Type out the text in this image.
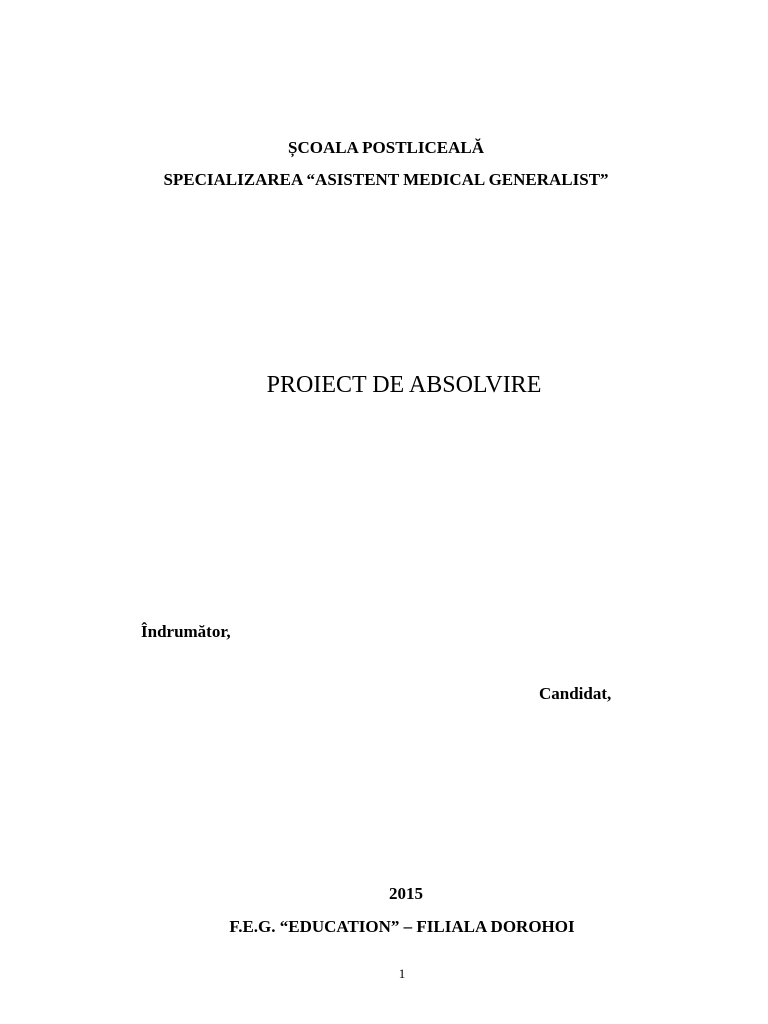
ȘCOALA POSTLICEALĂ
SPECIALIZAREA “ASISTENT MEDICAL GENERALIST”
PROIECT DE ABSOLVIRE
Îndrumător,
Candidat,
2015
F.E.G. “EDUCATION” – FILIALA DOROHOI
1
